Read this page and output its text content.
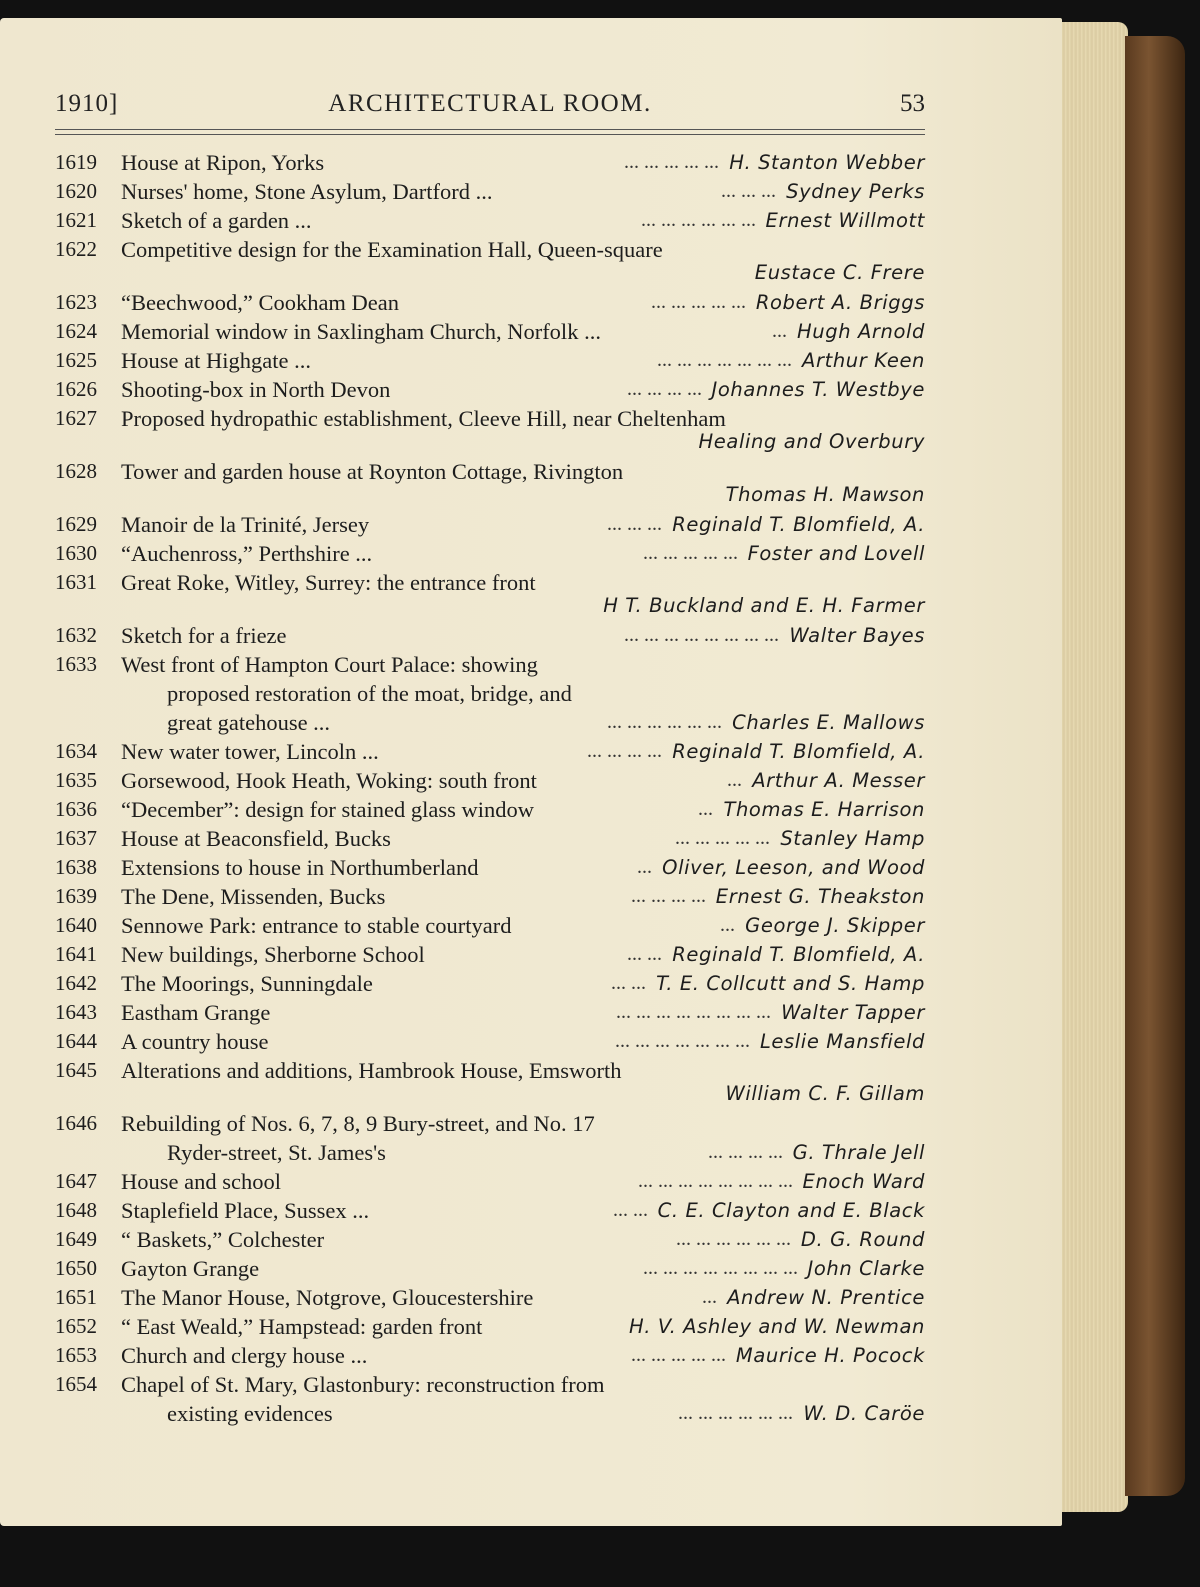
1910]	ARCHITECTURAL ROOM.	53
1619 House at Ripon, Yorks	H. Stanton Webber
... ... ... ... ...
1620 Nurses' home, Stone Asylum, Dartford ...	Sydney Perks
... ... ...
1621 Sketch of a garden ...	Ernest Willmott
... ... ... ... ... ...
1622 Competitive design for the Examination Hall, Queen-square
Eustace C. Frere
1623 “Beechwood,” Cookham Dean	Robert A. Briggs
... ... ... ... ...
1624 Memorial window in Saxlingham Church, Norfolk ...	Hugh Arnold
...
1625 House at Highgate ...	Arthur Keen
... ... ... ... ... ... ...
1626 Shooting-box in North Devon	Johannes T. Westbye
... ... ... ...
1627 Proposed hydropathic establishment, Cleeve Hill, near Cheltenham
Healing and Overbury
1628 Tower and garden house at Roynton Cottage, Rivington
Thomas H. Mawson
1629 Manoir de la Trinité, Jersey	Reginald T. Blomfield, A.
... ... ...
1630 “Auchenross,” Perthshire ...	Foster and Lovell
... ... ... ... ...
1631 Great Roke, Witley, Surrey: the entrance front
H T. Buckland and E. H. Farmer
1632 Sketch for a frieze	Walter Bayes
... ... ... ... ... ... ... ...
1633 West front of Hampton Court Palace: showing
proposed restoration of the moat, bridge, and
great gatehouse ...	Charles E. Mallows
... ... ... ... ... ...
1634 New water tower, Lincoln ...	Reginald T. Blomfield, A.
... ... ... ...
1635 Gorsewood, Hook Heath, Woking: south front	Arthur A. Messer
...
1636 “December”: design for stained glass window	Thomas E. Harrison
...
1637 House at Beaconsfield, Bucks	Stanley Hamp
... ... ... ... ...
1638 Extensions to house in Northumberland	Oliver, Leeson, and Wood
...
1639 The Dene, Missenden, Bucks	Ernest G. Theakston
... ... ... ...
1640 Sennowe Park: entrance to stable courtyard	George J. Skipper
...
1641 New buildings, Sherborne School	Reginald T. Blomfield, A.
... ...
1642 The Moorings, Sunningdale	T. E. Collcutt and S. Hamp
... ...
1643 Eastham Grange	Walter Tapper
... ... ... ... ... ... ... ...
1644 A country house	Leslie Mansfield
... ... ... ... ... ... ...
1645 Alterations and additions, Hambrook House, Emsworth
William C. F. Gillam
1646 Rebuilding of Nos. 6, 7, 8, 9 Bury-street, and No. 17
Ryder-street, St. James's	G. Thrale Jell
... ... ... ...
1647 House and school	Enoch Ward
... ... ... ... ... ... ... ...
1648 Staplefield Place, Sussex ...	C. E. Clayton and E. Black
... ...
1649 “ Baskets,” Colchester	D. G. Round
... ... ... ... ... ...
1650 Gayton Grange	John Clarke
... ... ... ... ... ... ... ...
1651 The Manor House, Notgrove, Gloucestershire	Andrew N. Prentice
...
1652 “ East Weald,” Hampstead: garden front	H. V. Ashley and W. Newman
1653 Church and clergy house ...	Maurice H. Pocock
... ... ... ... ...
1654 Chapel of St. Mary, Glastonbury: reconstruction from
existing evidences	W. D. Caröe
... ... ... ... ... ...
